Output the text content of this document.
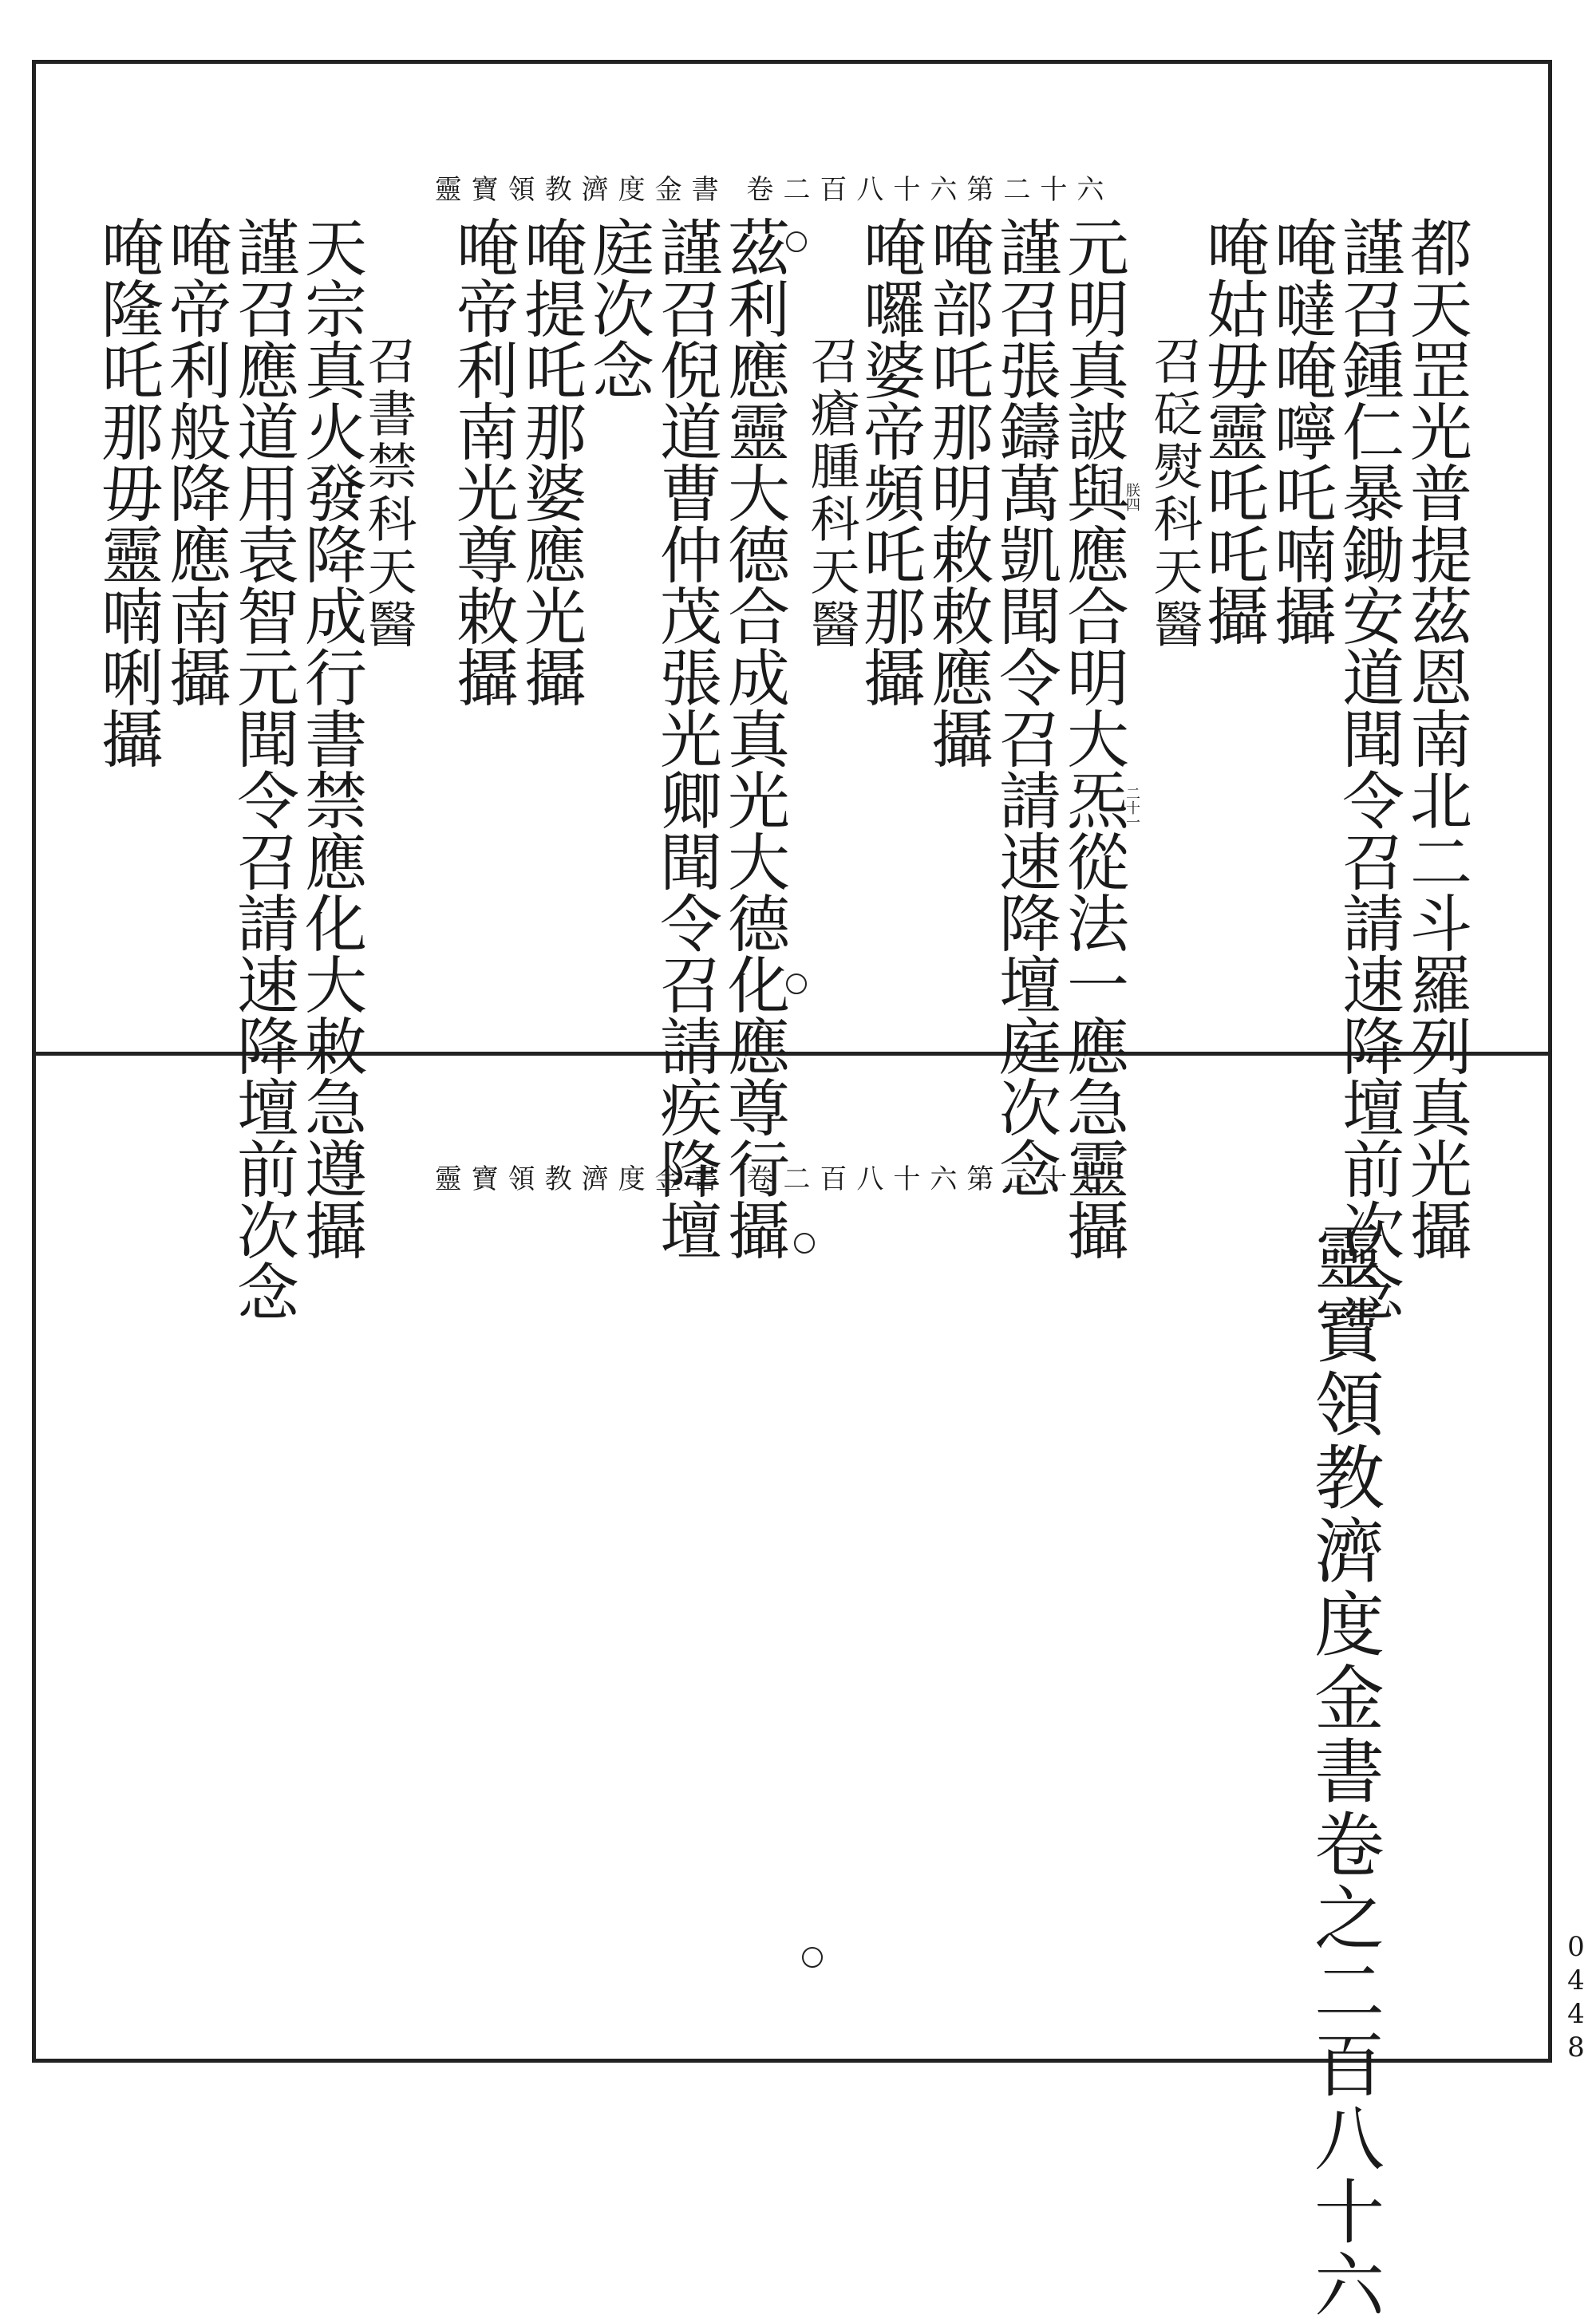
靈寶領教濟度金書 卷二百八十六第二十六
都天罡光普提茲恩南北二斗羅列真光攝
謹召鍾仁暴鋤安道聞令召請速降壇前次念
唵噠唵嚀吒喃攝
唵姑毋靈吒吒攝
召砭熨科天醫
朕四
元明真詖與應合明大炁從法一應急靈攝
二十一
謹召張鑄萬凱聞令召請速降壇庭次念
唵部吒那明敕敕應攝
唵囉婆帝頻吒那攝
召瘡腫科天醫
茲利應靈大德合成真光大德化應尊行攝
謹召倪道曹仲茂張光卿聞令召請疾降壇
庭次念
唵提吒那婆應光攝
唵帝利南光尊敕攝
召書禁科天醫
天宗真火發降成行書禁應化大敕急遵攝
謹召應道用袁智元聞令召請速降壇前次念
唵帝利般降應南攝
唵隆吒那毋靈喃唎攝
靈寶領教濟度金書 卷二百八十六第二十七
靈寶領教濟度金書卷之二百八十六	0448
